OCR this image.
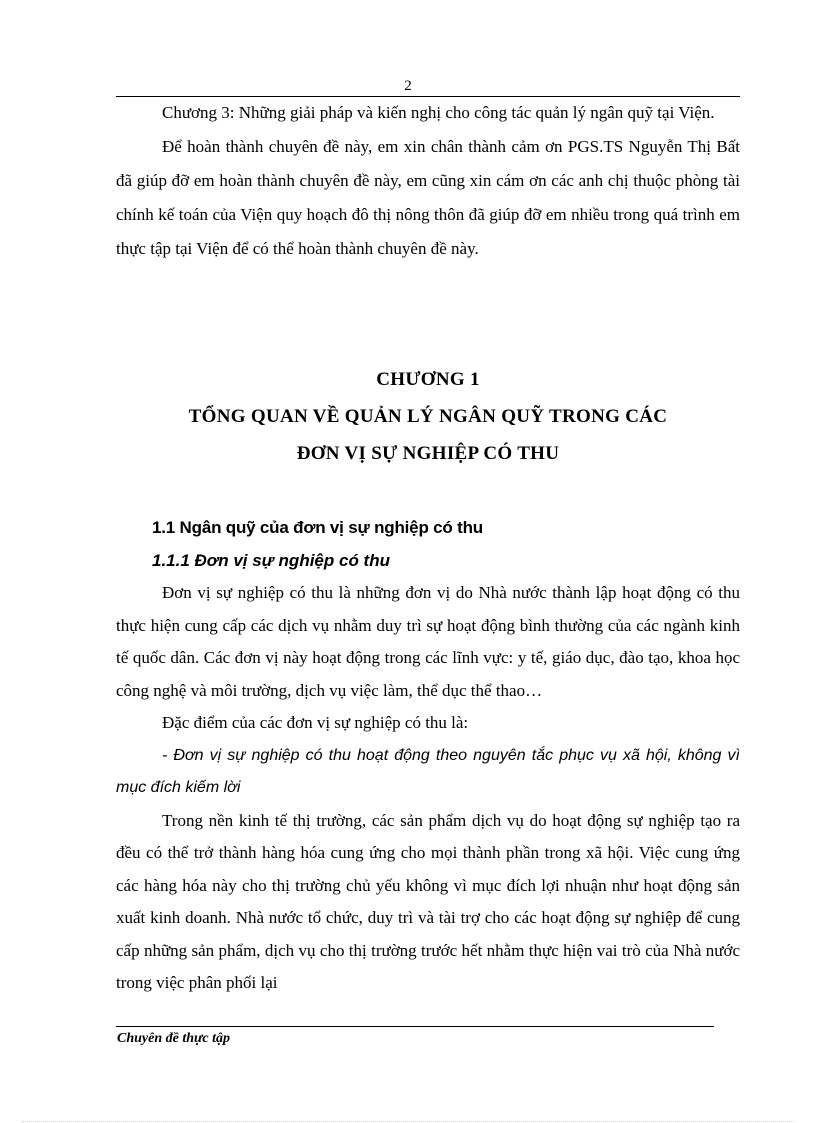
2

Chương 3: Những giải pháp và kiến nghị cho công tác quản lý ngân quỹ tại Viện.

Để hoàn thành chuyên đề này, em xin chân thành cảm ơn PGS.TS Nguyễn Thị Bất đã giúp đỡ em hoàn thành chuyên đề này, em cũng xin cám ơn các anh chị thuộc phòng tài chính kế toán của Viện quy hoạch đô thị nông thôn đã giúp đỡ em nhiều trong quá trình em thực tập tại Viện để có thể hoàn thành chuyên đề này.

CHƯƠNG 1
TỔNG QUAN VỀ QUẢN LÝ NGÂN QUỸ TRONG CÁC
ĐƠN VỊ SỰ NGHIỆP CÓ THU
1.1 Ngân quỹ của đơn vị sự nghiệp có thu
1.1.1 Đơn vị sự nghiệp có thu

Đơn vị sự nghiệp có thu là những đơn vị do Nhà nước thành lập hoạt động có thu thực hiện cung cấp các dịch vụ nhằm duy trì sự hoạt động bình thường của các ngành kinh tế quốc dân. Các đơn vị này hoạt động trong các lĩnh vực: y tế, giáo dục, đào tạo, khoa học công nghệ và môi trường, dịch vụ việc làm, thể dục thể thao…

Đặc điểm của các đơn vị sự nghiệp có thu là:

- Đơn vị sự nghiệp có thu hoạt động theo nguyên tắc phục vụ xã hội, không vì mục đích kiếm lời

Trong nền kinh tế thị trường, các sản phẩm dịch vụ do hoạt động sự nghiệp tạo ra đều có thể trở thành hàng hóa cung ứng cho mọi thành phần trong xã hội. Việc cung ứng các hàng hóa này cho thị trường chủ yếu không vì mục đích lợi nhuận như hoạt động sản xuất kinh doanh. Nhà nước tổ chức, duy trì và tài trợ cho các hoạt động sự nghiệp để cung cấp những sản phẩm, dịch vụ cho thị trường trước hết nhằm thực hiện vai trò của Nhà nước trong việc phân phối lại

Chuyên đề thực tập
